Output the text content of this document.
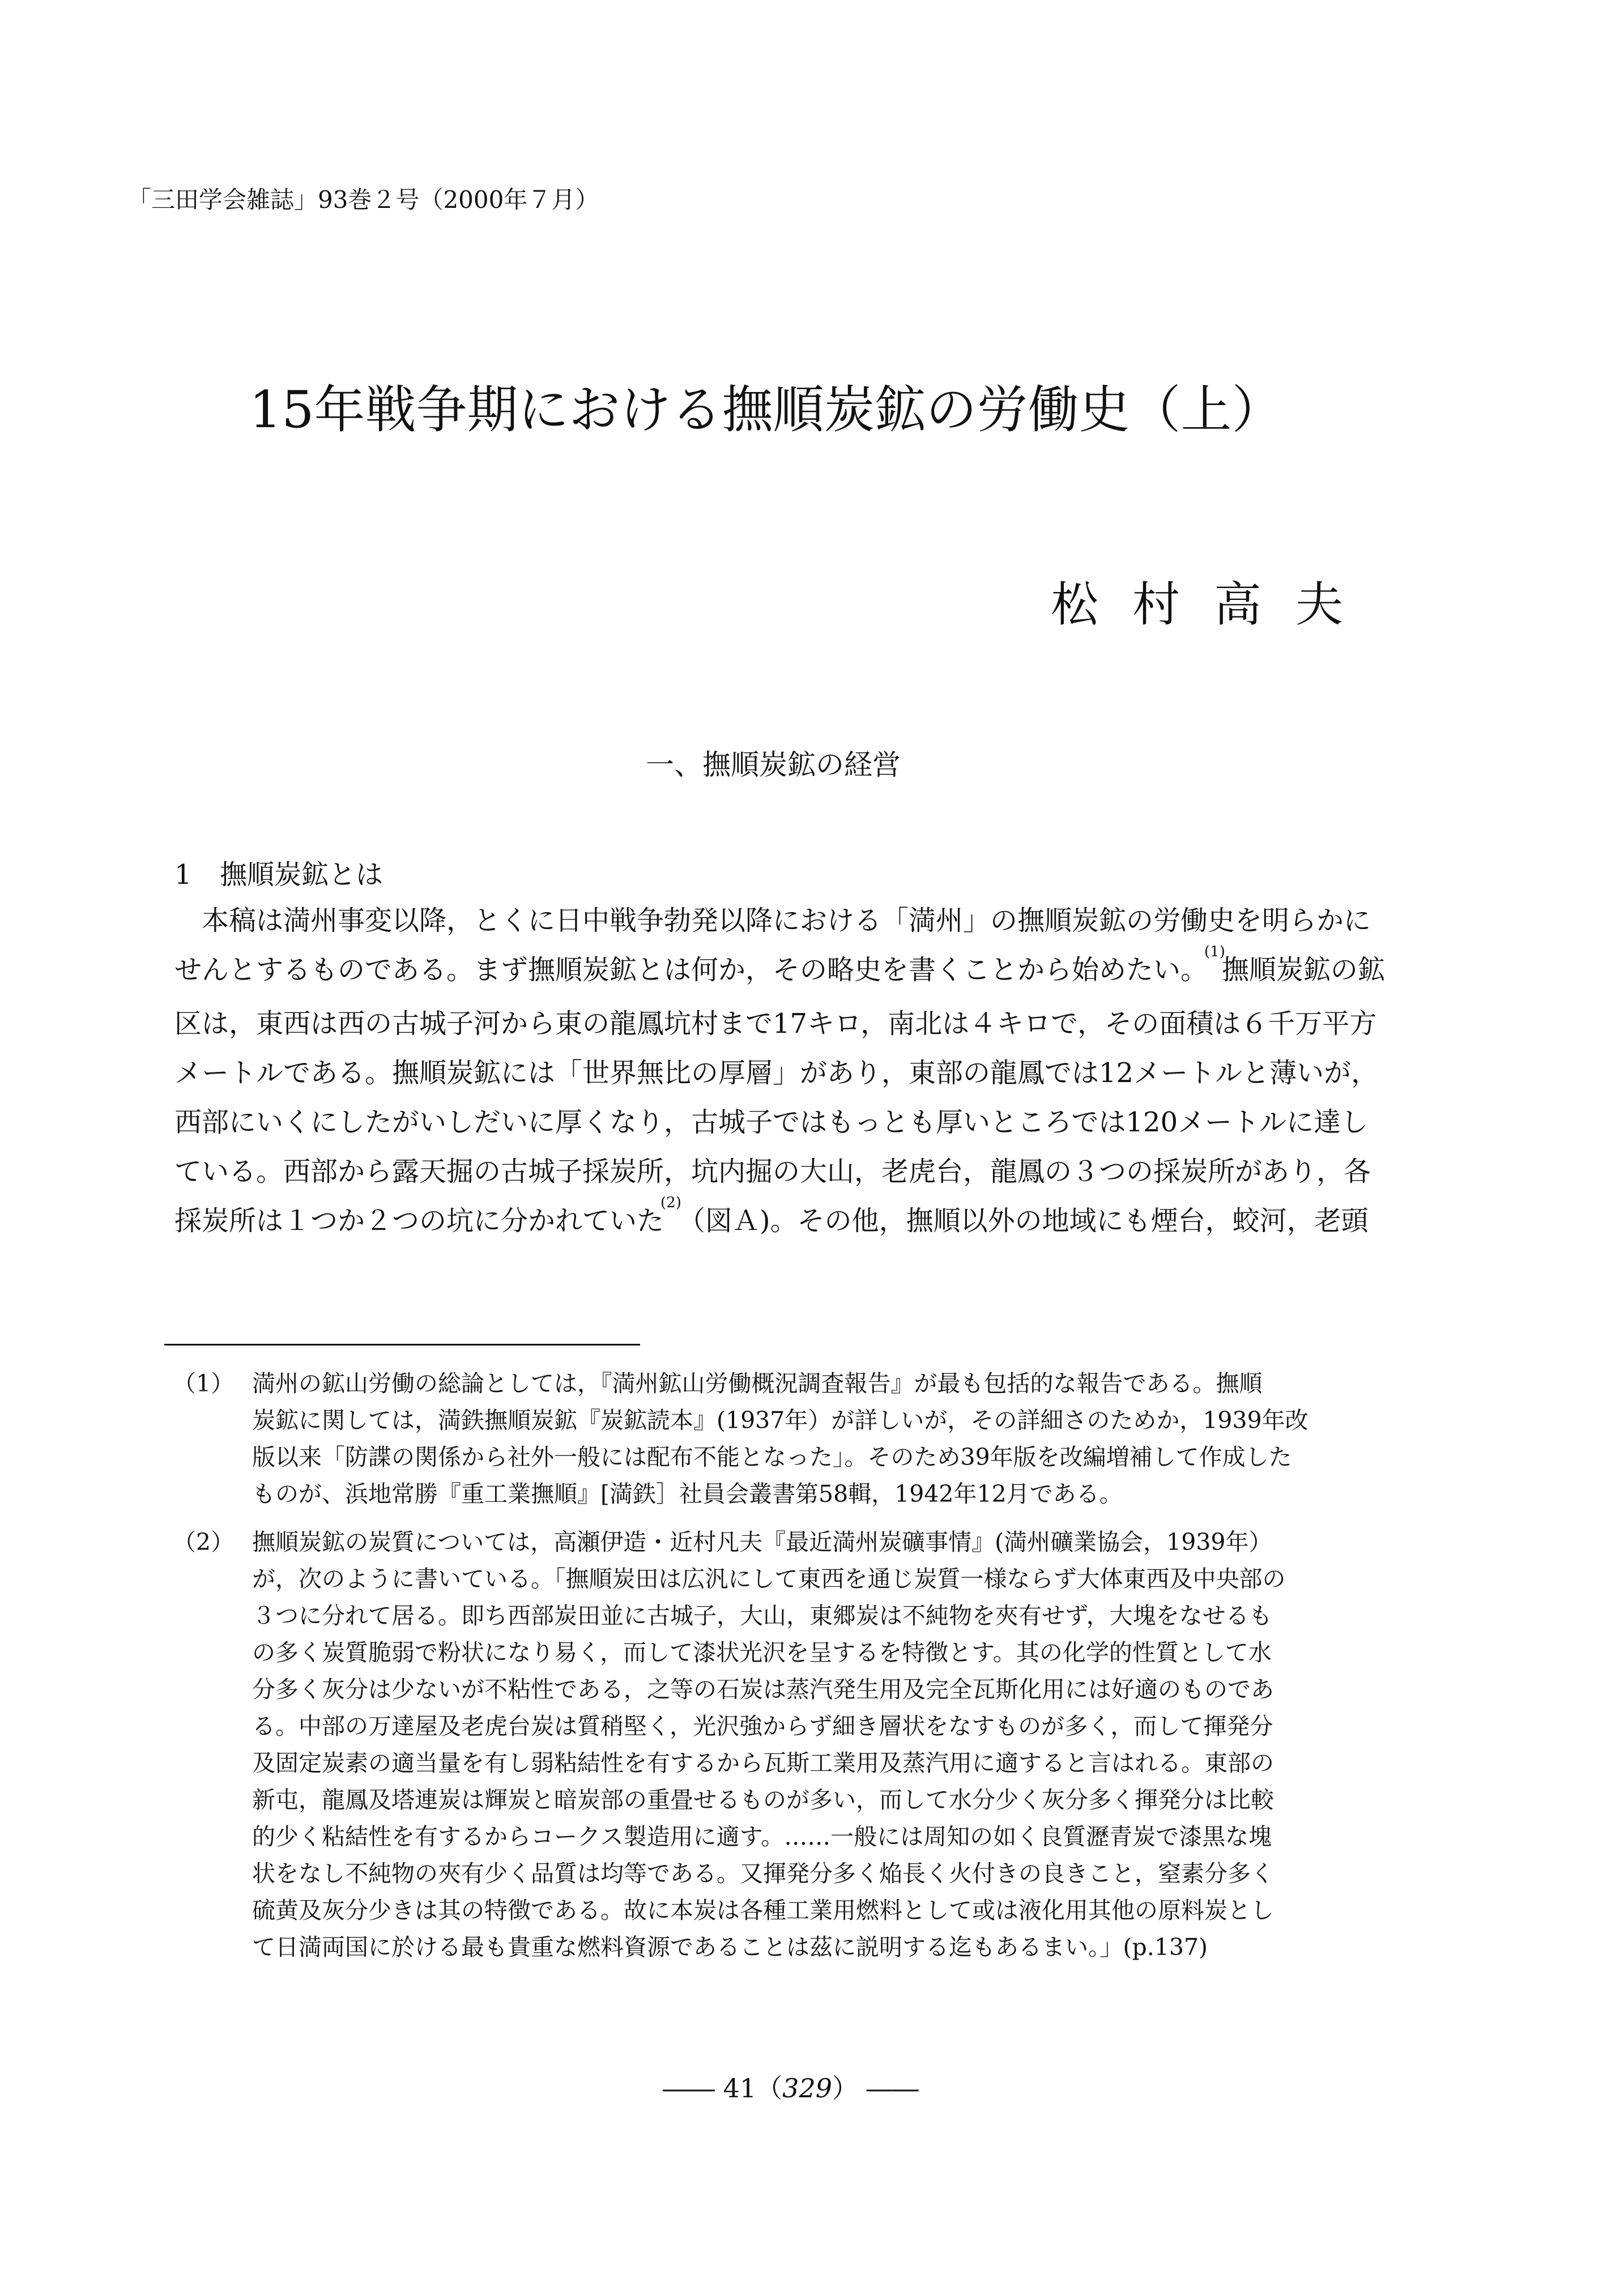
「三田学会雑誌」93巻２号（2000年７月）
15年戦争期における撫順炭鉱の労働史（上）
松村高夫
一、撫順炭鉱の経営
1 撫順炭鉱とは
本稿は満州事変以降，とくに日中戦争勃発以降における「満州」の撫順炭鉱の労働史を明らかに
せんとするものである。まず撫順炭鉱とは何か，その略史を書くことから始めたい。$^{(1)}$撫順炭鉱の鉱
区は，東西は西の古城子河から東の龍鳳坑村まで17キロ，南北は４キロで，その面積は６千万平方
メートルである。撫順炭鉱には「世界無比の厚層」があり，東部の龍鳳では12メートルと薄いが，
西部にいくにしたがいしだいに厚くなり，古城子ではもっとも厚いところでは120メートルに達し
ている。西部から露天掘の古城子採炭所，坑内掘の大山，老虎台，龍鳳の３つの採炭所があり，各
採炭所は１つか２つの坑に分かれていた$^{(2)}$（図Ａ)。その他，撫順以外の地域にも煙台，蛟河，老頭
（1） 満州の鉱山労働の総論としては，『満州鉱山労働概況調査報告』が最も包括的な報告である。撫順
炭鉱に関しては，満鉄撫順炭鉱『炭鉱読本』(1937年）が詳しいが，その詳細さのためか，1939年改
版以来「防諜の関係から社外一般には配布不能となった」。そのため39年版を改編増補して作成した
ものが、浜地常勝『重工業撫順』[満鉄］社員会叢書第58輯，1942年12月である。
（2） 撫順炭鉱の炭質については，高瀬伊造・近村凡夫『最近満州炭礦事情』(満州礦業協会，1939年）
が，次のように書いている。「撫順炭田は広汎にして東西を通じ炭質一様ならず大体東西及中央部の
３つに分れて居る。即ち西部炭田並に古城子，大山，東郷炭は不純物を夾有せず，大塊をなせるも
の多く炭質脆弱で粉状になり易く，而して漆状光沢を呈するを特徴とす。其の化学的性質として水
分多く灰分は少ないが不粘性である，之等の石炭は蒸汽発生用及完全瓦斯化用には好適のものであ
る。中部の万達屋及老虎台炭は質稍堅く，光沢強からず細き層状をなすものが多く，而して揮発分
及固定炭素の適当量を有し弱粘結性を有するから瓦斯工業用及蒸汽用に適すると言はれる。東部の
新屯，龍鳳及塔連炭は輝炭と暗炭部の重畳せるものが多い，而して水分少く灰分多く揮発分は比較
的少く粘結性を有するからコークス製造用に適す。……一般には周知の如く良質瀝青炭で漆黒な塊
状をなし不純物の夾有少く品質は均等である。又揮発分多く焔長く火付きの良きこと，窒素分多く
硫黄及灰分少きは其の特徴である。故に本炭は各種工業用燃料として或は液化用其他の原料炭とし
て日満両国に於ける最も貴重な燃料資源であることは茲に説明する迄もあるまい。」(p.137)
―― 41（329） ――
